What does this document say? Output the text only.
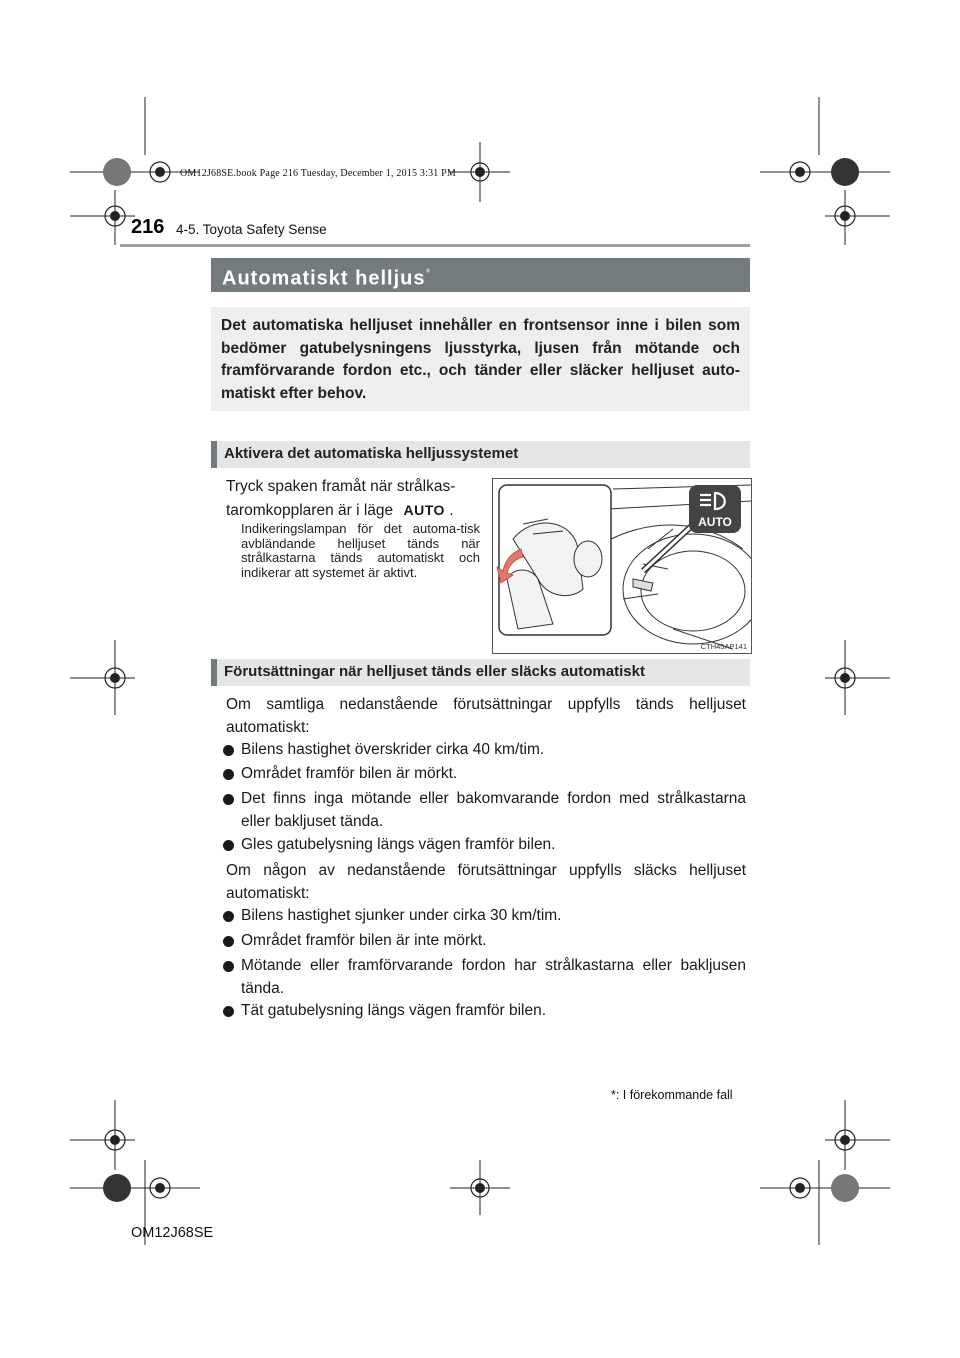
OM12J68SE.book Page 216 Tuesday, December 1, 2015 3:31 PM
216 4-5. Toyota Safety Sense
Automatiskt helljus*

Det automatiska helljuset innehåller en frontsensor inne i bilen som bedömer gatubelysningens ljusstyrka, ljusen från mötande och framförvarande fordon etc., och tänder eller släcker helljuset auto-matiskt efter behov.

Aktivera det automatiska helljussystemet
Tryck spaken framåt när strålkas-
taromkopplaren är i läge AUTO .
Indikeringslampan för det automa-tisk avbländande helljuset tänds när strålkastarna tänds automatiskt och indikerar att systemet är aktivt.
AUTO
CTH45AP141
Förutsättningar när helljuset tänds eller släcks automatiskt
Om samtliga nedanstående förutsättningar uppfylls tänds helljuset automatiskt:
Bilens hastighet överskrider cirka 40 km/tim.
Området framför bilen är mörkt.
Det finns inga mötande eller bakomvarande fordon med strålkastarna eller bakljuset tända.
Gles gatubelysning längs vägen framför bilen.
Om någon av nedanstående förutsättningar uppfylls släcks helljuset automatiskt:
Bilens hastighet sjunker under cirka 30 km/tim.
Området framför bilen är inte mörkt.
Mötande eller framförvarande fordon har strålkastarna eller bakljusen tända.
Tät gatubelysning längs vägen framför bilen.
*: I förekommande fall
OM12J68SE
